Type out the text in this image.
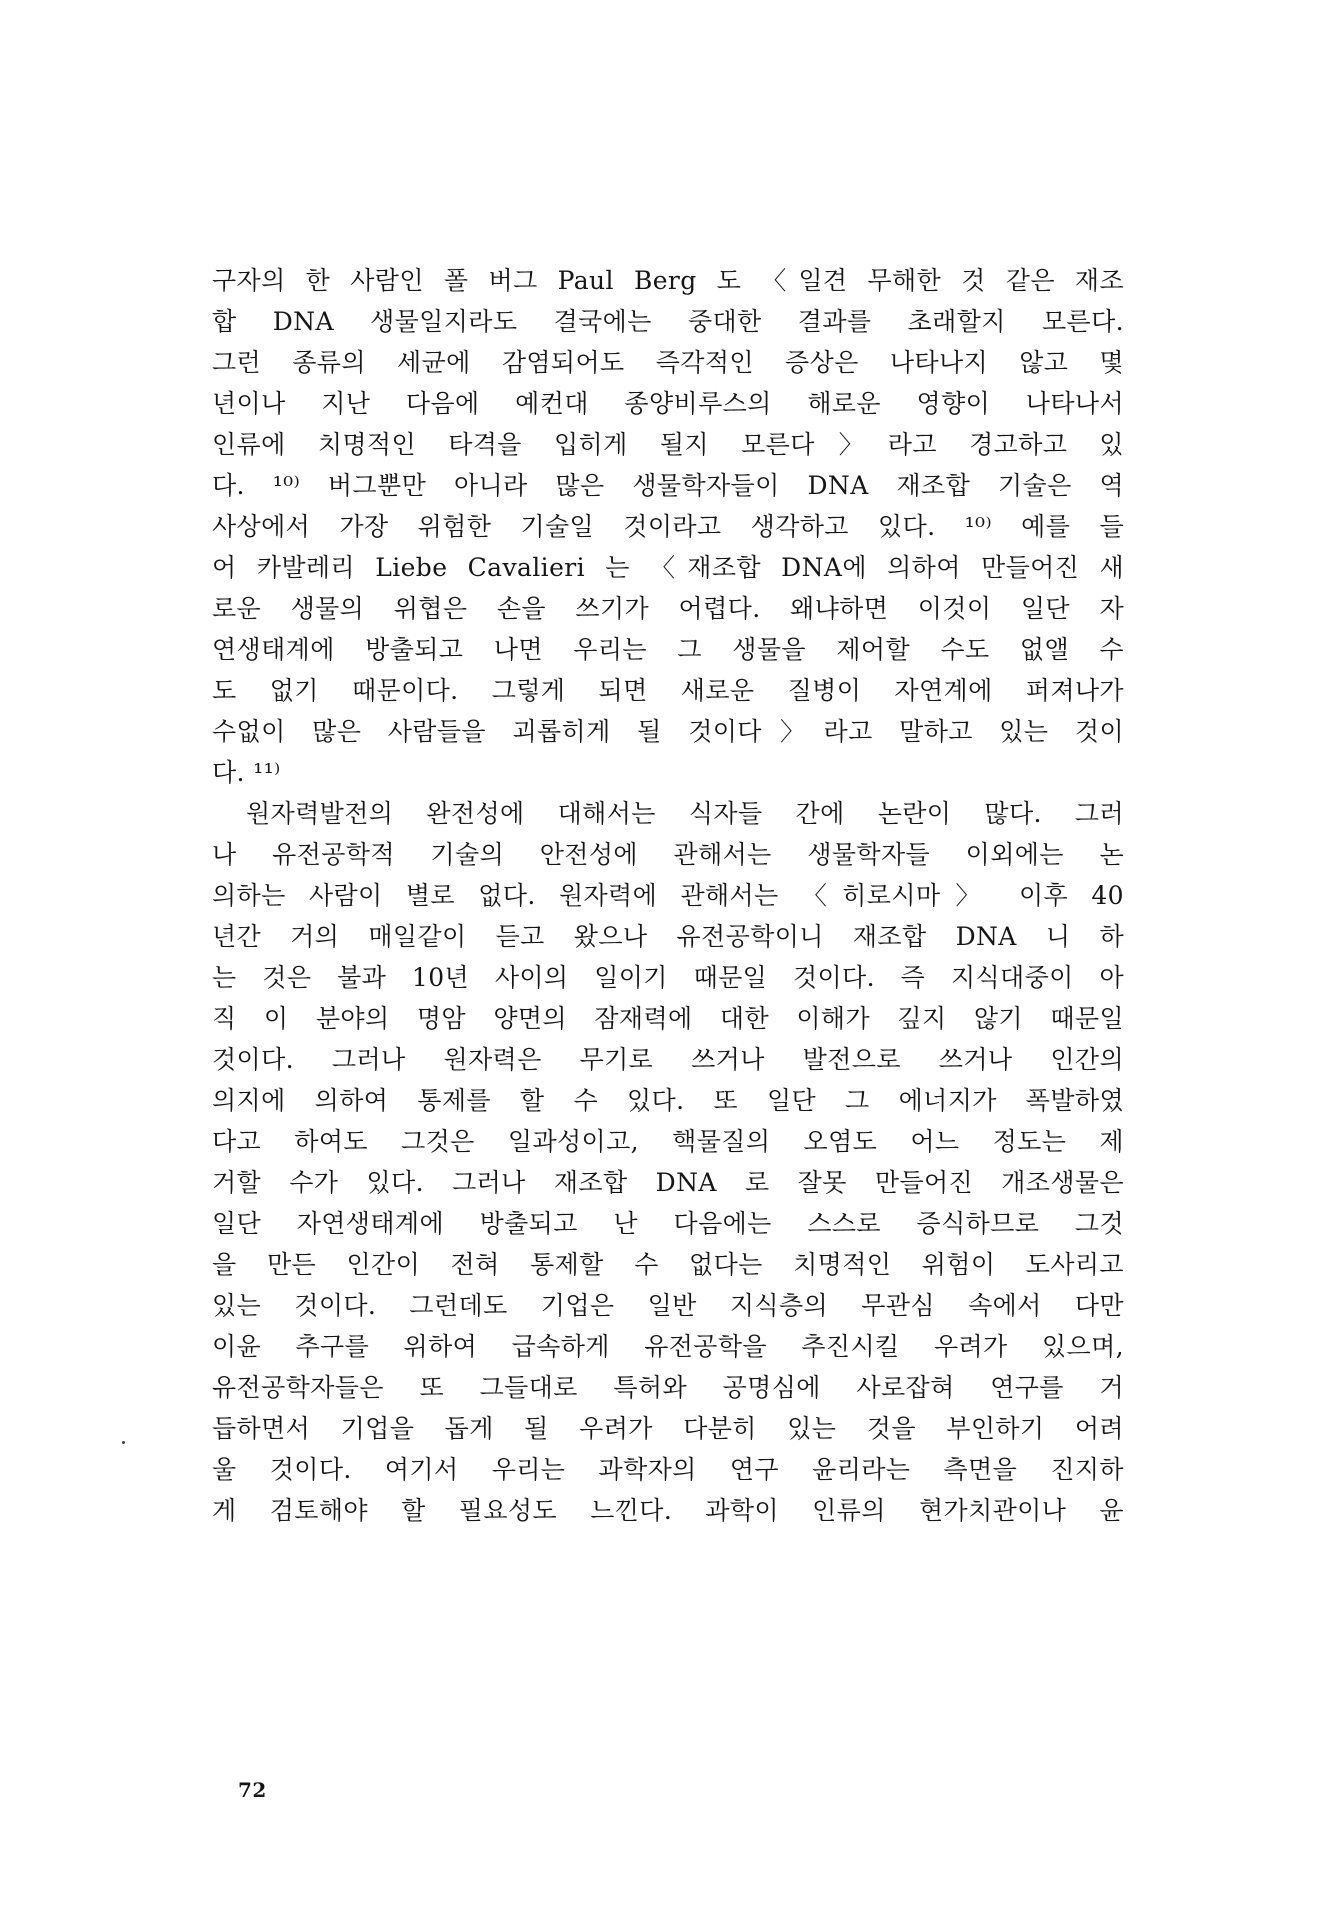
구자의 한 사람인 폴 버그 Paul Berg 도 〈일견 무해한 것 같은 재조
합 DNA 생물일지라도 결국에는 중대한 결과를 초래할지 모른다.
그런 종류의 세균에 감염되어도 즉각적인 증상은 나타나지 않고 몇
년이나 지난 다음에 예컨대 종양비루스의 해로운 영향이 나타나서
인류에 치명적인 타격을 입히게 될지 모른다〉라고 경고하고 있
다. ¹⁰⁾ 버그뿐만 아니라 많은 생물학자들이 DNA 재조합 기술은 역
사상에서 가장 위험한 기술일 것이라고 생각하고 있다. ¹⁰⁾ 예를 들
어 카발레리 Liebe Cavalieri 는 〈재조합 DNA에 의하여 만들어진 새
로운 생물의 위협은 손을 쓰기가 어렵다. 왜냐하면 이것이 일단 자
연생태계에 방출되고 나면 우리는 그 생물을 제어할 수도 없앨 수
도 없기 때문이다. 그렇게 되면 새로운 질병이 자연계에 퍼져나가
수없이 많은 사람들을 괴롭히게 될 것이다〉라고 말하고 있는 것이
다. ¹¹⁾
원자력발전의 완전성에 대해서는 식자들 간에 논란이 많다. 그러
나 유전공학적 기술의 안전성에 관해서는 생물학자들 이외에는 논
의하는 사람이 별로 없다. 원자력에 관해서는 〈히로시마〉 이후 40
년간 거의 매일같이 듣고 왔으나 유전공학이니 재조합 DNA 니 하
는 것은 불과 10년 사이의 일이기 때문일 것이다. 즉 지식대중이 아
직 이 분야의 명암 양면의 잠재력에 대한 이해가 깊지 않기 때문일
것이다. 그러나 원자력은 무기로 쓰거나 발전으로 쓰거나 인간의
의지에 의하여 통제를 할 수 있다. 또 일단 그 에너지가 폭발하였
다고 하여도 그것은 일과성이고, 핵물질의 오염도 어느 정도는 제
거할 수가 있다. 그러나 재조합 DNA 로 잘못 만들어진 개조생물은
일단 자연생태계에 방출되고 난 다음에는 스스로 증식하므로 그것
을 만든 인간이 전혀 통제할 수 없다는 치명적인 위험이 도사리고
있는 것이다. 그런데도 기업은 일반 지식층의 무관심 속에서 다만
이윤 추구를 위하여 급속하게 유전공학을 추진시킬 우려가 있으며,
유전공학자들은 또 그들대로 특허와 공명심에 사로잡혀 연구를 거
듭하면서 기업을 돕게 될 우려가 다분히 있는 것을 부인하기 어려
울 것이다. 여기서 우리는 과학자의 연구 윤리라는 측면을 진지하
게 검토해야 할 필요성도 느낀다. 과학이 인류의 현가치관이나 윤
72
